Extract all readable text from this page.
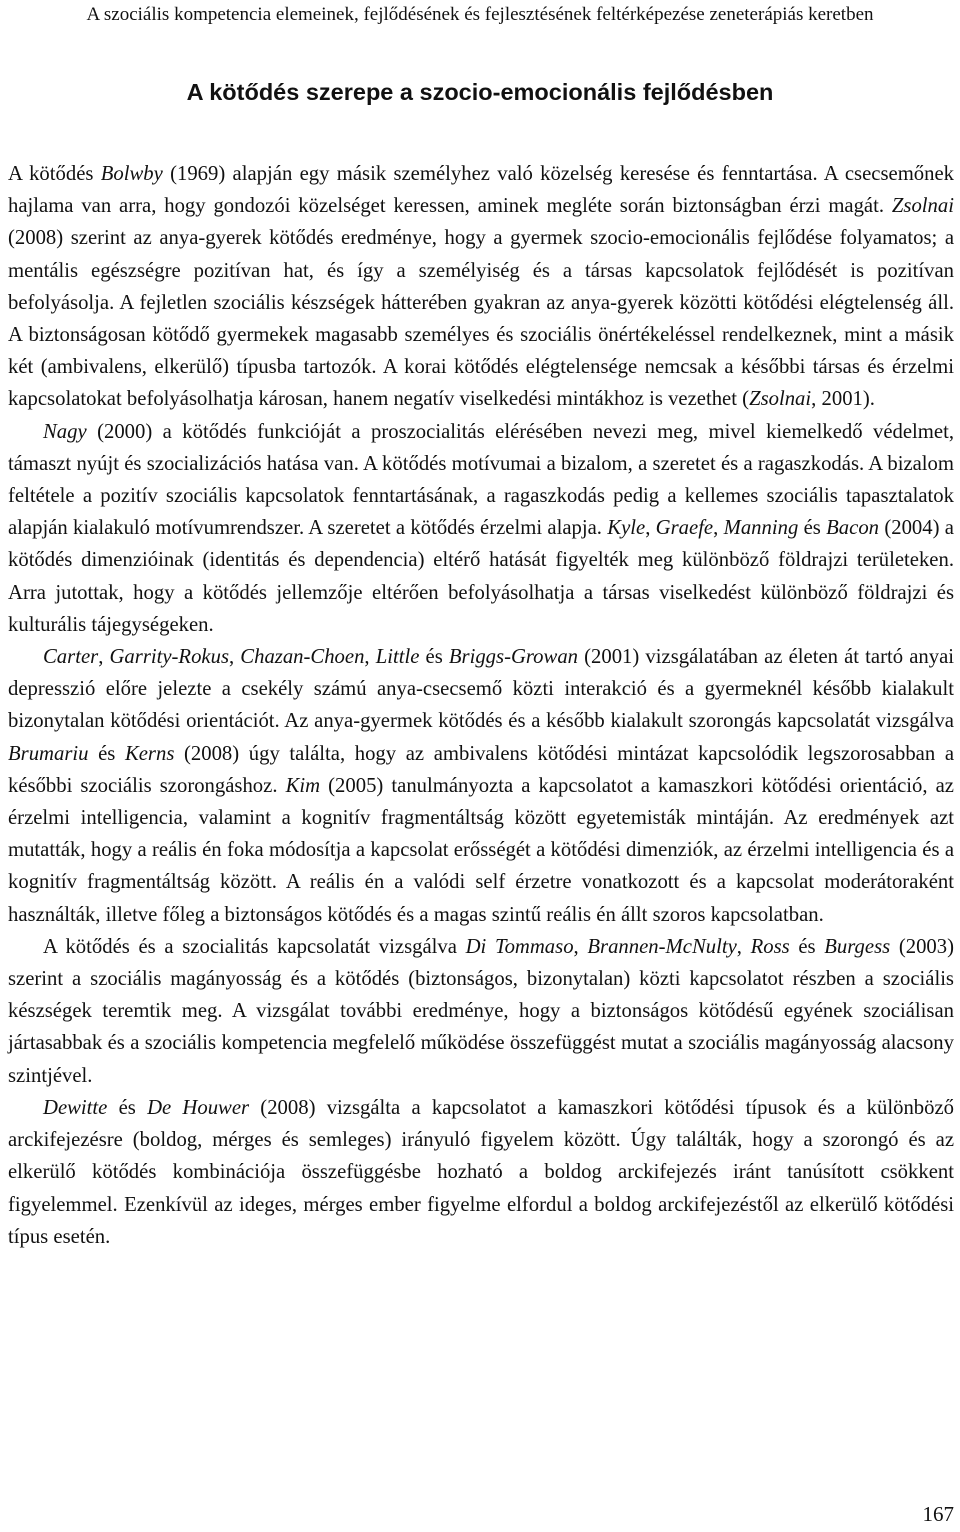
A szociális kompetencia elemeinek, fejlődésének és fejlesztésének feltérképezése zeneterápiás keretben
A kötődés szerepe a szocio-emocionális fejlődésben

A kötődés Bolwby (1969) alapján egy másik személyhez való közelség keresése és fenntartása. A csecsemőnek hajlama van arra, hogy gondozói közelséget keressen, aminek megléte során biztonságban érzi magát. Zsolnai (2008) szerint az anya-gyerek kötődés eredménye, hogy a gyermek szocio-emocionális fejlődése folyamatos; a mentális egészségre pozitívan hat, és így a személyiség és a társas kapcsolatok fejlődését is pozitívan befolyásolja. A fejletlen szociális készségek hátterében gyakran az anya-gyerek közötti kötődési elégtelenség áll. A biztonságosan kötődő gyermekek magasabb személyes és szociális önértékeléssel rendelkeznek, mint a másik két (ambivalens, elkerülő) típusba tartozók. A korai kötődés elégtelensége nemcsak a későbbi társas és érzelmi kapcsolatokat befolyásolhatja károsan, hanem negatív viselkedési mintákhoz is vezethet (Zsolnai, 2001).

Nagy (2000) a kötődés funkcióját a proszocialitás elérésében nevezi meg, mivel kiemelkedő védelmet, támaszt nyújt és szocializációs hatása van. A kötődés motívumai a bizalom, a szeretet és a ragaszkodás. A bizalom feltétele a pozitív szociális kapcsolatok fenntartásának, a ragaszkodás pedig a kellemes szociális tapasztalatok alapján kialakuló motívumrendszer. A szeretet a kötődés érzelmi alapja. Kyle, Graefe, Manning és Bacon (2004) a kötődés dimenzióinak (identitás és dependencia) eltérő hatását figyelték meg különböző földrajzi területeken. Arra jutottak, hogy a kötődés jellemzője eltérően befolyásolhatja a társas viselkedést különböző földrajzi és kulturális tájegységeken.

Carter, Garrity-Rokus, Chazan-Choen, Little és Briggs-Growan (2001) vizsgálatában az életen át tartó anyai depresszió előre jelezte a csekély számú anya-csecsemő közti interakció és a gyermeknél később kialakult bizonytalan kötődési orientációt. Az anya-gyermek kötődés és a később kialakult szorongás kapcsolatát vizsgálva Brumariu és Kerns (2008) úgy találta, hogy az ambivalens kötődési mintázat kapcsolódik legszorosabban a későbbi szociális szorongáshoz. Kim (2005) tanulmányozta a kapcsolatot a kamaszkori kötődési orientáció, az érzelmi intelligencia, valamint a kognitív fragmentáltság között egyetemisták mintáján. Az eredmények azt mutatták, hogy a reális én foka módosítja a kapcsolat erősségét a kötődési dimenziók, az érzelmi intelligencia és a kognitív fragmentáltság között. A reális én a valódi self érzetre vonatkozott és a kapcsolat moderátoraként használták, illetve főleg a biztonságos kötődés és a magas szintű reális én állt szoros kapcsolatban.

A kötődés és a szocialitás kapcsolatát vizsgálva Di Tommaso, Brannen-McNulty, Ross és Burgess (2003) szerint a szociális magányosság és a kötődés (biztonságos, bizonytalan) közti kapcsolatot részben a szociális készségek teremtik meg. A vizsgálat további eredménye, hogy a biztonságos kötődésű egyének szociálisan jártasabbak és a szociális kompetencia megfelelő működése összefüggést mutat a szociális magányosság alacsony szintjével.

Dewitte és De Houwer (2008) vizsgálta a kapcsolatot a kamaszkori kötődési típusok és a különböző arckifejezésre (boldog, mérges és semleges) irányuló figyelem között. Úgy találták, hogy a szorongó és az elkerülő kötődés kombinációja összefüggésbe hozható a boldog arckifejezés iránt tanúsított csökkent figyelemmel. Ezenkívül az ideges, mérges ember figyelme elfordul a boldog arckifejezéstől az elkerülő kötődési típus esetén.

167
